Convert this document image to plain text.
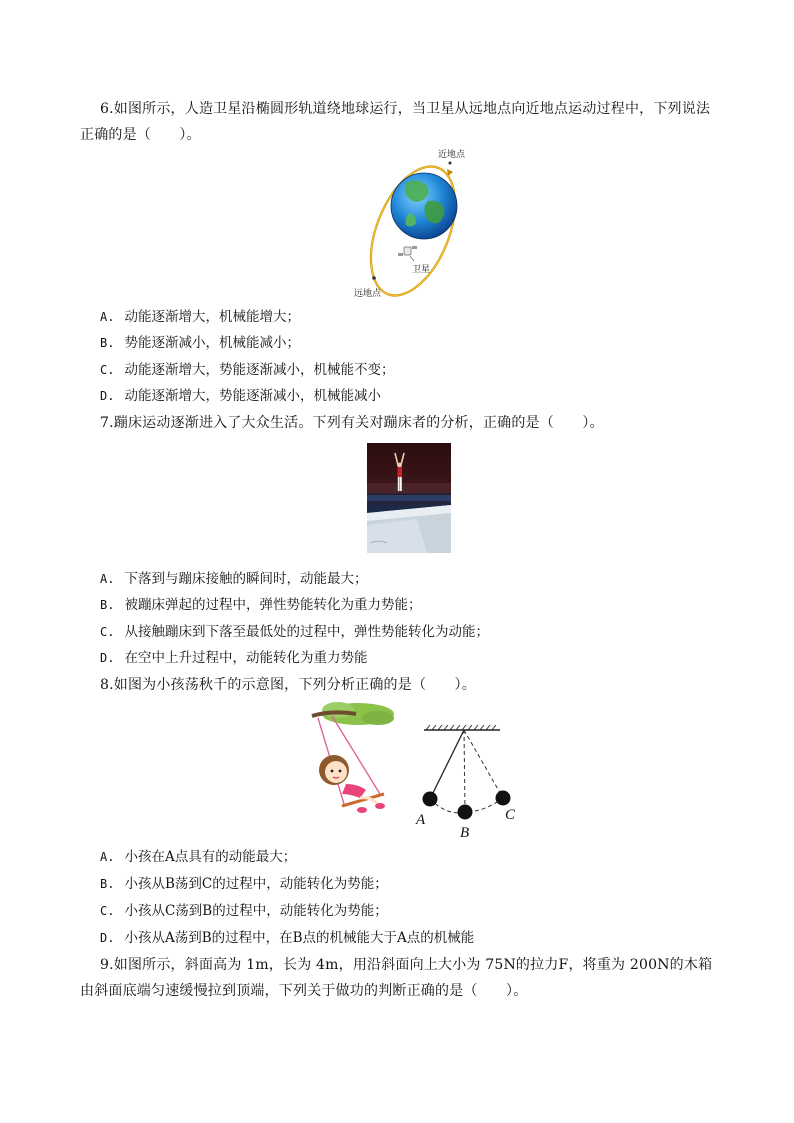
6.如图所示，人造卫星沿椭圆形轨道绕地球运行，当卫星从远地点向近地点运动过程中，下列说法正确的是（　　）。

近地点
卫星
远地点
A. 动能逐渐增大，机械能增大；
B. 势能逐渐减小，机械能减小；
C. 动能逐渐增大，势能逐渐减小，机械能不变；
D. 动能逐渐增大，势能逐渐减小，机械能减小

7.蹦床运动逐渐进入了大众生活。下列有关对蹦床者的分析，正确的是（　　）。

A. 下落到与蹦床接触的瞬间时，动能最大；
B. 被蹦床弹起的过程中，弹性势能转化为重力势能；
C. 从接触蹦床到下落至最低处的过程中，弹性势能转化为动能；
D. 在空中上升过程中，动能转化为重力势能

8.如图为小孩荡秋千的示意图，下列分析正确的是（　　）。

A
B
C
A. 小孩在A点具有的动能最大；
B. 小孩从B荡到C的过程中，动能转化为势能；
C. 小孩从C荡到B的过程中，动能转化为势能；
D. 小孩从A荡到B的过程中，在B点的机械能大于A点的机械能

9.如图所示，斜面高为 1m，长为 4m，用沿斜面向上大小为 75N的拉力F，将重为 200N的木箱由斜面底端匀速缓慢拉到顶端，下列关于做功的判断正确的是（　　）。
